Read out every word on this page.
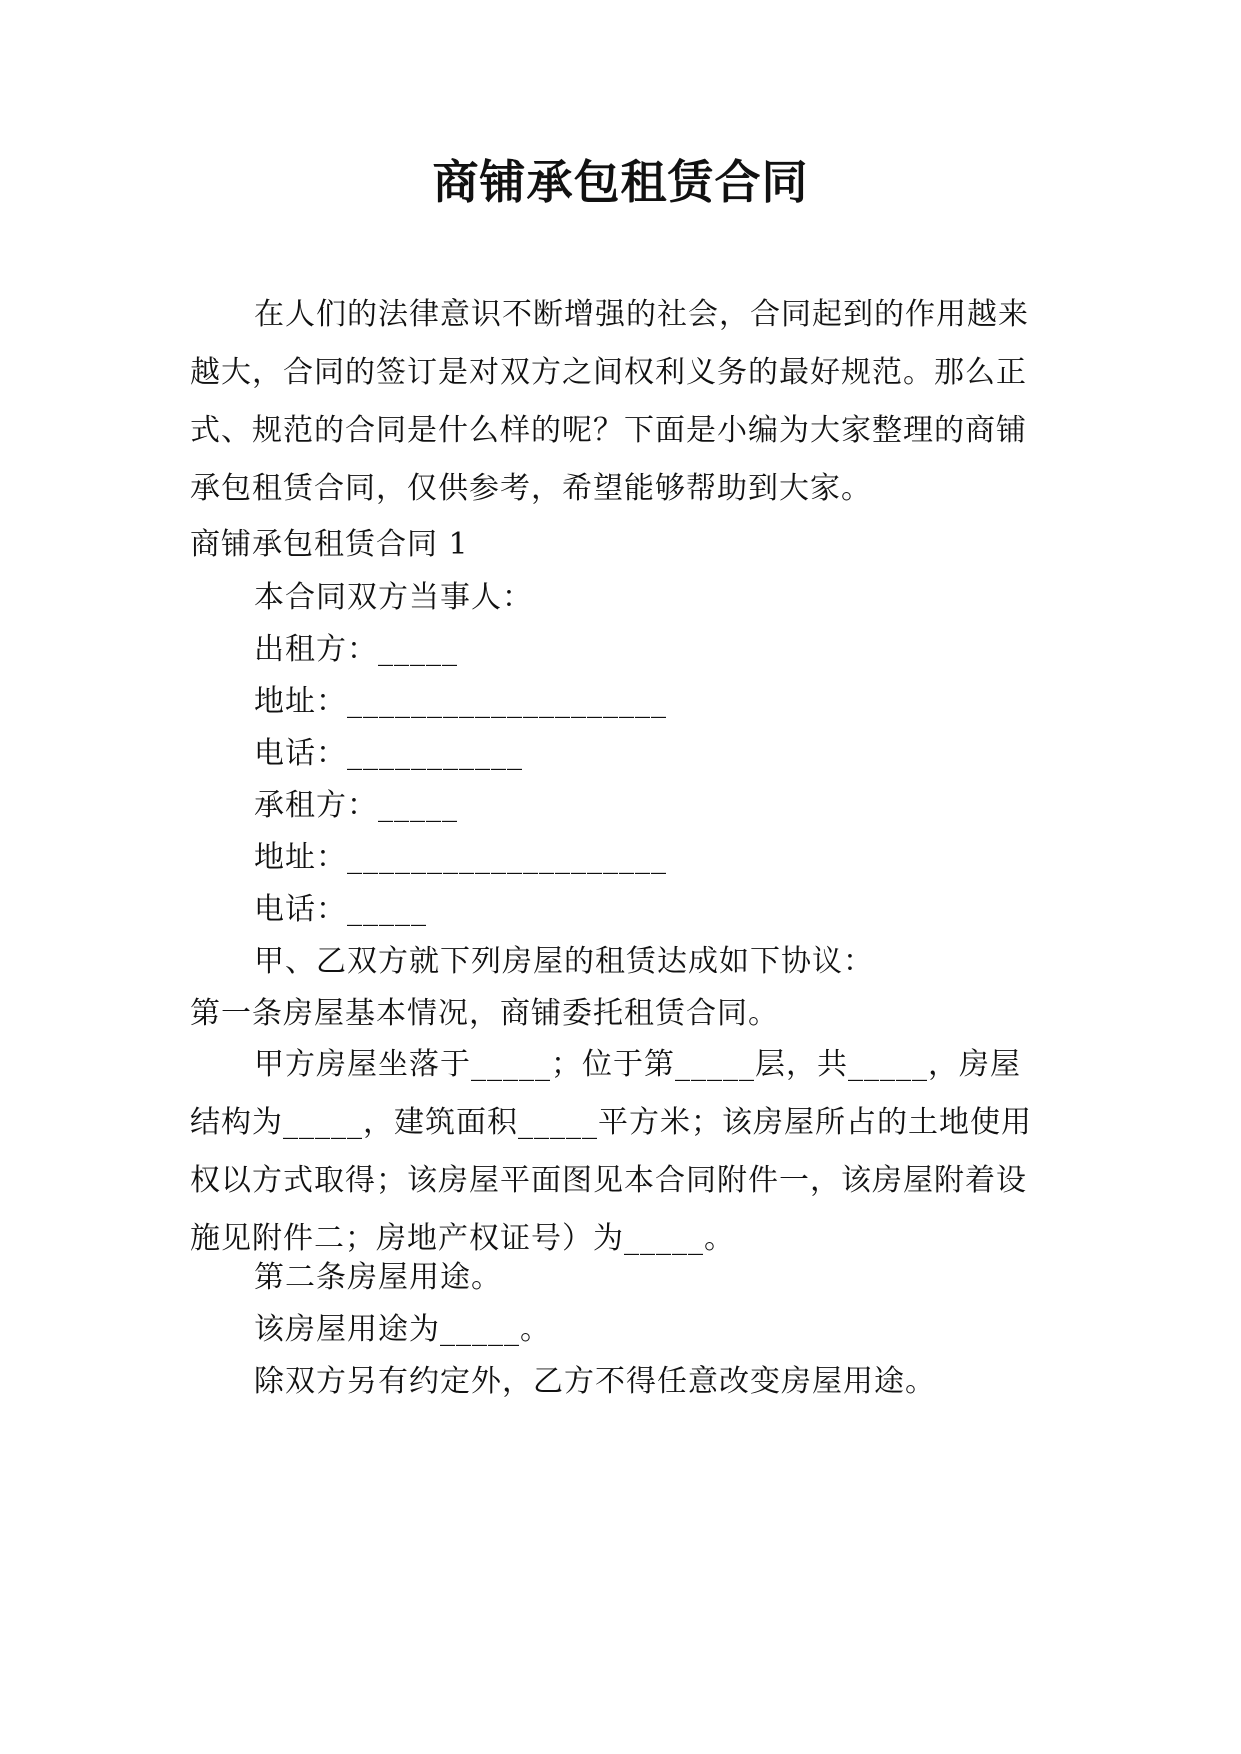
商铺承包租赁合同

在人们的法律意识不断增强的社会，合同起到的作用越来越大，合同的签订是对双方之间权利义务的最好规范。那么正式、规范的合同是什么样的呢？下面是小编为大家整理的商铺承包租赁合同，仅供参考，希望能够帮助到大家。

商铺承包租赁合同 1
本合同双方当事人：
出租方：_____
地址：____________________
电话：___________
承租方：_____
地址：____________________
电话：_____
甲、乙双方就下列房屋的租赁达成如下协议：
第一条房屋基本情况，商铺委托租赁合同。

甲方房屋坐落于_____；位于第_____层，共_____，房屋结构为_____，建筑面积_____平方米；该房屋所占的土地使用权以方式取得；该房屋平面图见本合同附件一，该房屋附着设施见附件二；房地产权证号）为_____。

第二条房屋用途。
该房屋用途为_____。
除双方另有约定外，乙方不得任意改变房屋用途。
